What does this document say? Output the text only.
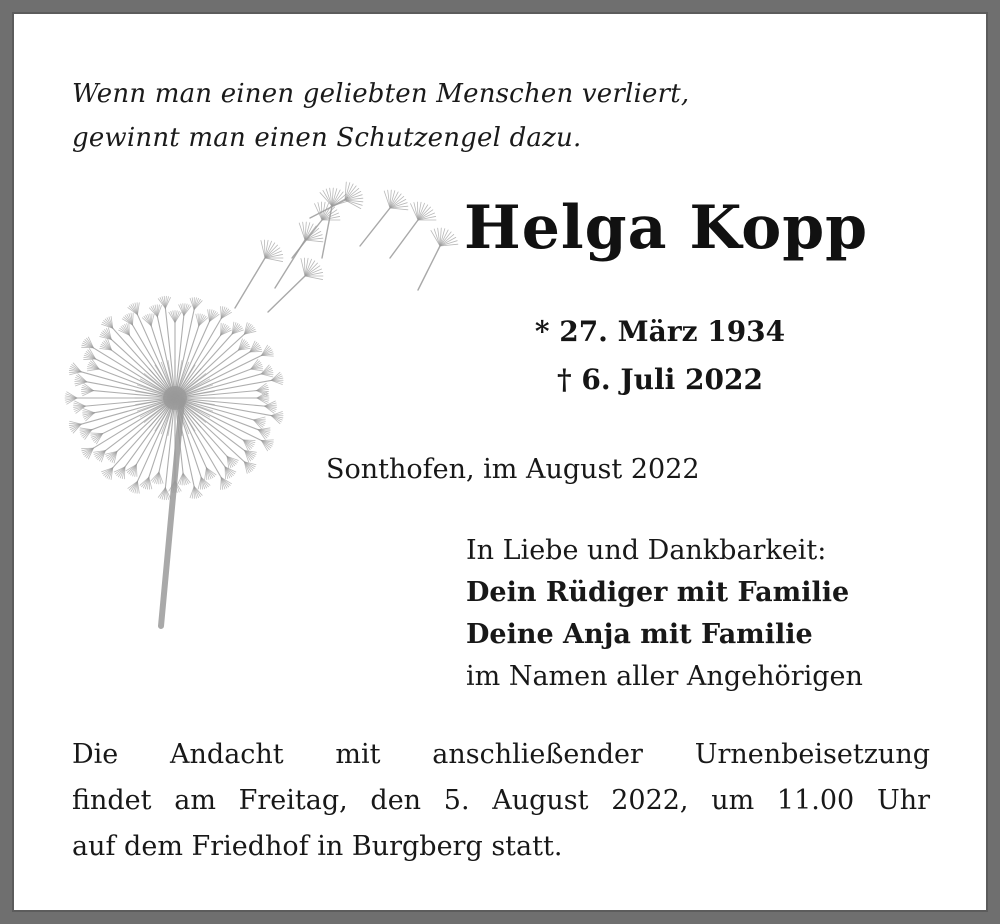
Wenn man einen geliebten Menschen verliert,
gewinnt man einen Schutzengel dazu.
Helga Kopp
* 27. März 1934
† 6. Juli 2022
Sonthofen, im August 2022
In Liebe und Dankbarkeit:
Dein Rüdiger mit Familie
Deine Anja mit Familie
im Namen aller Angehörigen
Die Andacht mit anschließender Urnenbeisetzung
findet am Freitag, den 5. August 2022, um 11.00 Uhr
auf dem Friedhof in Burgberg statt.
